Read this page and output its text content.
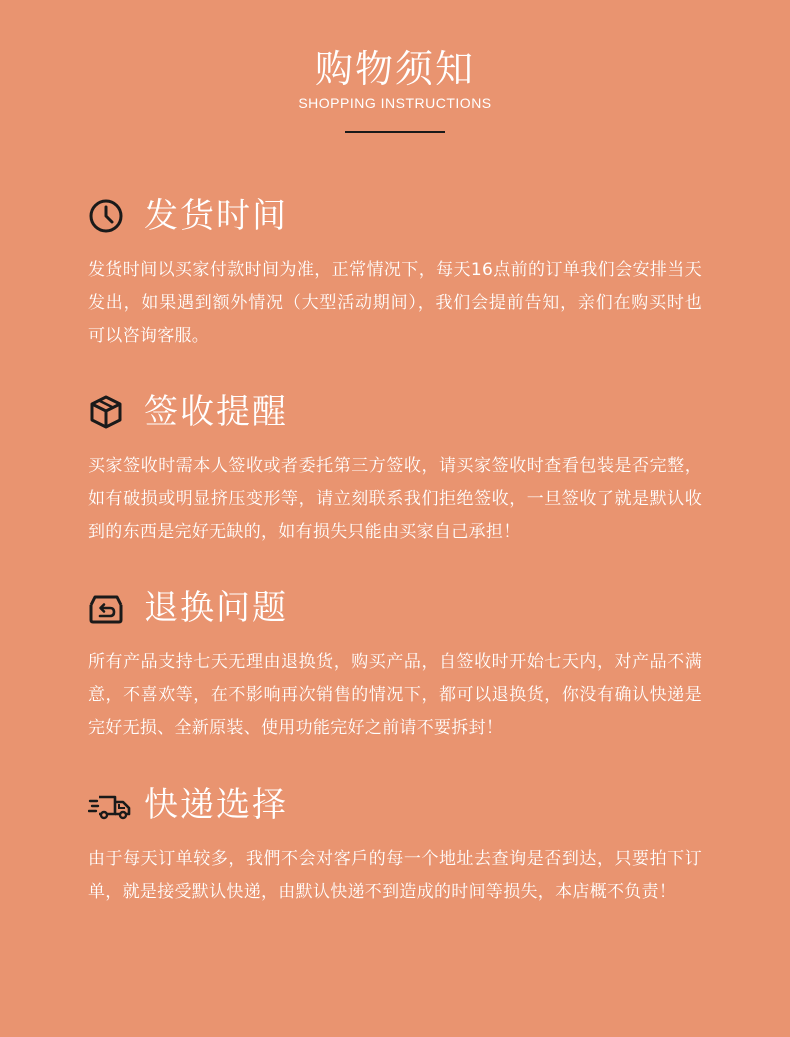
购物须知
SHOPPING INSTRUCTIONS
发货时间
发货时间以买家付款时间为准，正常情况下，每天16点前的订单我们会安排当天发出，如果遇到额外情况（大型活动期间），我们会提前告知，亲们在购买时也可以咨询客服。
签收提醒
买家签收时需本人签收或者委托第三方签收，请买家签收时查看包装是否完整，如有破损或明显挤压变形等，请立刻联系我们拒绝签收，一旦签收了就是默认收到的东西是完好无缺的，如有损失只能由买家自己承担！
退换问题
所有产品支持七天无理由退换货，购买产品，自签收时开始七天内，对产品不满意，不喜欢等，在不影响再次销售的情况下，都可以退换货，你没有确认快递是完好无损、全新原装、使用功能完好之前请不要拆封！
快递选择
由于每天订单较多，我們不会对客戶的每一个地址去查询是否到达，只要拍下订单，就是接受默认快递，由默认快递不到造成的时间等损失，本店概不负责！
